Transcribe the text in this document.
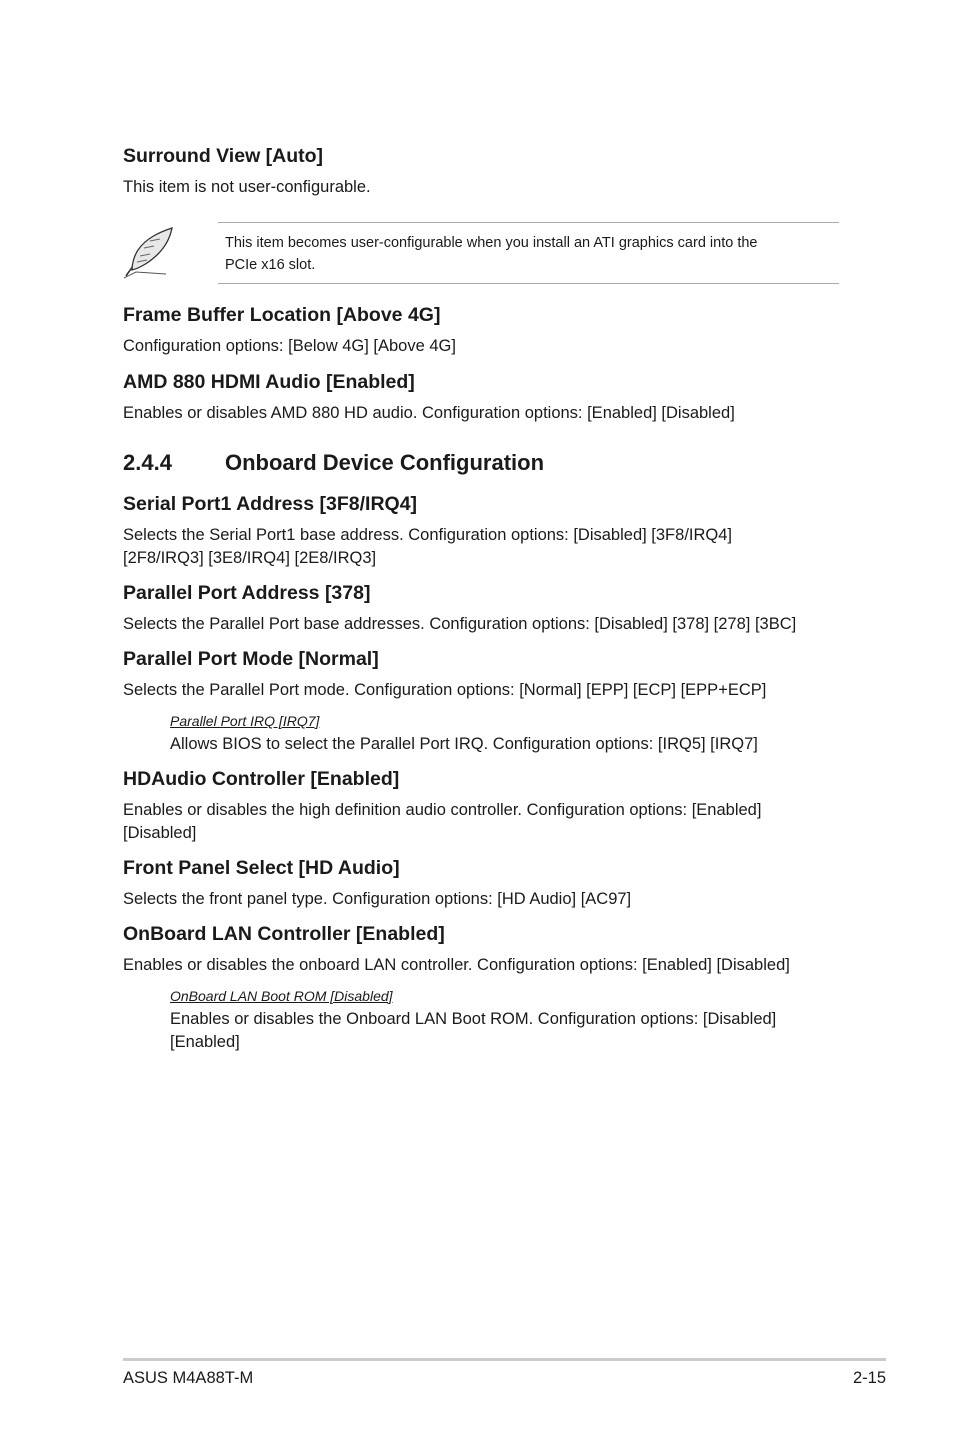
Surround View [Auto]
This item is not user-configurable.
This item becomes user-configurable when you install an ATI graphics card into the
PCIe x16 slot.
Frame Buffer Location [Above 4G]
Configuration options: [Below 4G] [Above 4G]
AMD 880 HDMI Audio [Enabled]
Enables or disables AMD 880 HD audio. Configuration options: [Enabled] [Disabled]
2.4.4 Onboard Device Configuration
Serial Port1 Address [3F8/IRQ4]
Selects the Serial Port1 base address. Configuration options: [Disabled] [3F8/IRQ4]
[2F8/IRQ3] [3E8/IRQ4] [2E8/IRQ3]
Parallel Port Address [378]
Selects the Parallel Port base addresses. Configuration options: [Disabled] [378] [278] [3BC]
Parallel Port Mode [Normal]
Selects the Parallel Port mode. Configuration options: [Normal] [EPP] [ECP] [EPP+ECP]
Parallel Port IRQ [IRQ7]
Allows BIOS to select the Parallel Port IRQ. Configuration options: [IRQ5] [IRQ7]
HDAudio Controller [Enabled]
Enables or disables the high definition audio controller. Configuration options: [Enabled]
[Disabled]
Front Panel Select [HD Audio]
Selects the front panel type. Configuration options: [HD Audio] [AC97]
OnBoard LAN Controller [Enabled]
Enables or disables the onboard LAN controller. Configuration options: [Enabled] [Disabled]
OnBoard LAN Boot ROM [Disabled]
Enables or disables the Onboard LAN Boot ROM. Configuration options: [Disabled]
[Enabled]
ASUS M4A88T-M	2-15
